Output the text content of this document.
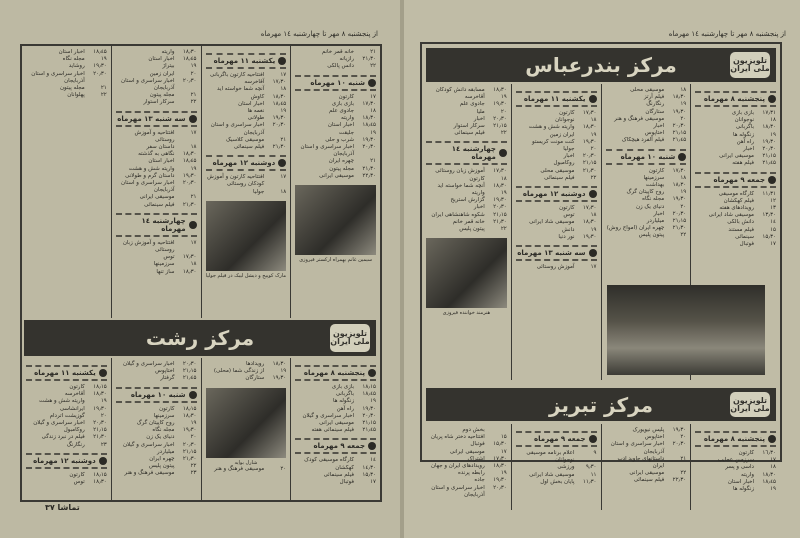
از پنجشنبه ۸ مهر تا چهارشنبه ۱٤ مهرماه
۲۱
خانه قمر خانم
۲۱٫۳۰
رازیانه
۲۲
دانس پالکی
شنبه ۱۰ مهرماه
۱۷
کارتون
۱۷٫۳۰
بازی بازی
۱۸
جادوی علم
۱۸٫۳۰
واریته
۱۸٫٤۵
اخبار استان
۱۹
جلیقت
۱۹٫۳۰
شرب و حلی
۲۰٫۳۰
اخبار سراسری و استان آذربایجان
۲۱
چهره ایران
۲۱٫۳۰
مجله پیتون
۲۲٫۳۰
موسیقی ایرانی
سیمین غانم بهمراه ارکستر فیروزی
یکشنبه ۱۱ مهرماه
۱۷
افتتاحیه کارتون باگربانی
۱۷٫۳۰
آقاخرسه
۱۸
آنچه شما خواسته اید
۱۸٫۳۰
کاوش
۱۸٫٤۵
اخبار استان
۱۹
نغمه ها
۱۹٫۳۰
طولانی
۲۰٫۳۰
اخبار سراسری و استان آذربایجان
۲۱
موسیقی کلاسیک
۲۱٫۳۰
فیلم سینمائی
دوشنبه ۱۲ مهرماه
۱۷
افتتاحیه کارتون و آموزش کودکان روستائی
۱۸
جولیا
مارک کوپیج و دیشل لیبک در فیلم جولیا
۱۸٫۳۰
واریته
۱۸٫٤۵
اخبار استان
۱۹
بیتراژ
۲۰
ایران زمین
۲۰٫۳۰
اخبار سراسری و استان آذربایجان
۲۱
مجله پیتون
۲۲
سرکار استوار
سه شنبه ۱۳ مهرماه
۱۷
افتتاحیه و آموزش روستائی
۱۸
داستان سفر
۱۸٫۳۰
نگاهی به گذشته
۱۸٫٤۵
اخبار استان
۱۹
واریته شش و هشت
۱۹٫۳۰
داستان گرم و طولانی
۲۰٫۳۰
اخبار سراسری و استان آذربایجان
۲۱
موسیقی ایرانی
۲۱٫۳۰
فیلم سینمائی
چهارشنبه ۱٤ مهرماه
۱۷
افتتاحیه و آموزش زبان روستائی
۱۷٫۳۰
توس
۱۸
سرزمینها
۱۸٫۳۰
ساز تنها
۱۸٫٤۵
اخبار استان
۱۹
مجله نگاه
۱۹٫۳۰
روشاید
۲۰٫۳۰
اخبار سراسری و استان آذربایجان
۲۱
مجله پیتون
۲۲
پهلوانان
مرکز رشت	تلویزیون ملی ایران
پنجشنبه ۸ مهرماه
۱۸٫۱۵
بازی بازی
۱۸٫٤۵
باگربانی
۱۹
زنگوله ها
۱۹٫۳۰
راه آهن
۲۰٫۳۰
اخبار سراسری و گیلان
۲۱٫۱۵
موسیقی ایرانی
۲۱٫٤۵
فیلم سینمائی هفته
جمعه ۹ مهرماه
۱٤
کارگاه موسیقی کودک
۱٤٫۳۰
کهکشان
۱۵٫۳۰
فیلم سینمائی
۱۷
فوتبال
۱۸٫۳۰
رویدادها
۱۹
از زندگی شما (محلی)
۱۹٫۳۰
ستارگان
شارل بوایه
۲۰
موسیقی فرهنگ و هنر
۲۰٫۳۰
اخبار سراسری و گیلان
۲۱٫۱۵
اختاپوس
۲۱٫٤۵
گرفتار
شنبه ۱۰ مهرماه
۱۸٫۱۵
کارتون
۱۸٫۳۰
سرزمینها
۱۹
روح کاپیتان گرگ
۱۹٫۳۰
مجله نگاه
۲۰
دنیای یک زن
۲۰٫۳۰
اخبار سراسری و گیلان
۲۱٫۱۵
میلیاردر
۲۱٫۳۰
چهره ایران
۲۲
پیتون پلیس
۲۳
موسیقی فرهنگ و هنر
یکشنبه ۱۱ مهرماه
۱۸٫۱۵
کارتون
۱۸٫۳۰
آقاخرسه
۱۹
واریته شش و هشت
۱۹٫۳۰
ایرانشاسی
۲۰
گوزیشت اتردام
۲۰٫۳۰
اخبار سراسری و گیلان
۲۱٫۱۵
روکامبول
۲۱٫۳۰
فیلم در نبرد زندگی
۲۳
رنگارنگ
دوشنبه ۱۲ مهرماه
۱۸٫۱۵
کارتون
۱۸٫۳۰
توس
تماشا ۳۷
از پنجشنبه ۸ مهر تا چهارشنبه ۱٤ مهرماه
مرکز بندرعباس	تلویزیون ملی ایران
پنجشنبه ۸ مهرماه
۱۷٫۳۱
بازی بازی
۱۸
نوجوانان
۱۸٫۳۰
باگربانی
۱۹
زنگوله ها
۱۹٫۳۰
راه آهن
۲۰٫۳۰
اخبار
۲۱٫۱۵
موسیقی ایرانی
۲۱٫٤۵
فیلم هفته
جمعه ۹ مهرماه
۱۱٫۳۱
کارگاه موسیقی
۱۲
فیلم کهکشان
۱۳
رویدادهای هفته
۱۳٫۳۰
موسیقی شاد ایرانی
۱٤
دانش بالکی
۱۵
فیلم مستند
۱۵٫۳۰
سینمائی
۱۷
فوتبال
۱۸
موسیقی محلی
۱۸٫۳۰
فیلم آرتز
۱۹
رنگارنگ
۱۹٫۳۰
ستارگان
۲۰
موسیقی فرهنگ و هنر
۲۰٫۳۰
اخبار
۲۱٫۱۵
اختاپوس
۲۱٫٤۵
فیلم آلفرد هیچکاک
شنبه ۱۰ مهرماه
۱۷٫۳۰
کارتون
۱۸
سرزمینها
۱۸٫۳۰
بهداشت
۱۹
روح کاپیتان گرگ
۱۹٫۳۰
مجله نگاه
۲۰
دنیای یک زن
۲۰٫۳۰
اخبار
۲۱٫۱۵
میلیاردر
۲۱٫۳۰
چهره ایران (امواج روش)
۲۲
پیتون پلیس
یکشنبه ۱۱ مهرماه
۱۷٫۳۰
کارتون
۱۸
نوجوانان
۱۸٫۳۰
واریته شش و هشت
۱۹
ایران زمین
۱۹٫۳۰
کنت مونت کریستو
۲۰
جولیا
۲۰٫۳۰
اخبار
۲۱٫۱۵
روکامبول
۲۱٫۳۰
موسیقی محلی
۲۲
فیلم سینمائی
دوشنبه ۱۲ مهرماه
۱۷٫۳۰
کارتون
۱۸
توس
۱۸٫۳۰
موسیقی شاد ایرانی
۱۹
دانش
۱۹٫۳۰
نور دنیا
سه شنبه ۱۳ مهرماه
۱۷
آموزش روستائی
۱۸٫۳۰
مسابقه دانش کودکان
۱۹
آقاخرسه
۱۹٫۳۰
جادوی علم
۲۰
ملیا
۲۰٫۳۰
اخبار
۲۱٫۱۵
سرکار استوار
۲۲
فیلم سینمائی
چهارشنبه ۱٤ مهرماه
۱۷٫۳۰
آموزش زبان روستائی
۱۸
کارتون
۱۸٫۳۰
آنچه شما خواسته اید
۱۹
واریته
۱۹٫۳۰
گزارش استریح
۲۰٫۳۰
اخبار
۲۱٫۱۵
شکوه شاهنشاهی ایران
۲۱٫۳۰
خانه قمر خانم
۲۲
پیتون پلیس
هنرمند خواننده فیروزی
مرکز تبریز	تلویزیون ملی ایران
پنجشنبه ۸ مهرماه
۱٦٫۳۰
کارتون
۱۷
سرزمین عجایب
۱۸
داسی و پسر
۱۸٫۳۰
واریته
۱۸٫٤۵
اخبار استان
۱۹
زنگوله ها
۱۹٫۳۰
پلیس نیویورک
۲۰
اختاپوس
۲۰٫۳۰
اخبار سراسری و استان آذربایجان
۲۱
داستانهای جاوید ادب ایران
۲۲
موسیقی ایرانی
۲۲٫۳۰
فیلم سینمائی
جمعه ۹ مهرماه
۹
اعلام برنامه موسیقی نوجوانان
۹٫۳۰
ورزشی
۱۱
موسیقی شاد ایرانی
۱۱٫۳۰
پایان بخش اول
بخش دوم
۱۵
افتتاحیه دختر شاه پریان
۱۵٫۳۰
فوتبال
۱۷
موسیقی ایرانی
۱۷٫۳۰
اشتراک
۱۸٫۳۰
رویدادهای ایران و جهان
۱۹
رابطه پرنده
۱۹٫۳۰
جاده
۲۰٫۳۰
اخبار سراسری و استان آذربایجان
